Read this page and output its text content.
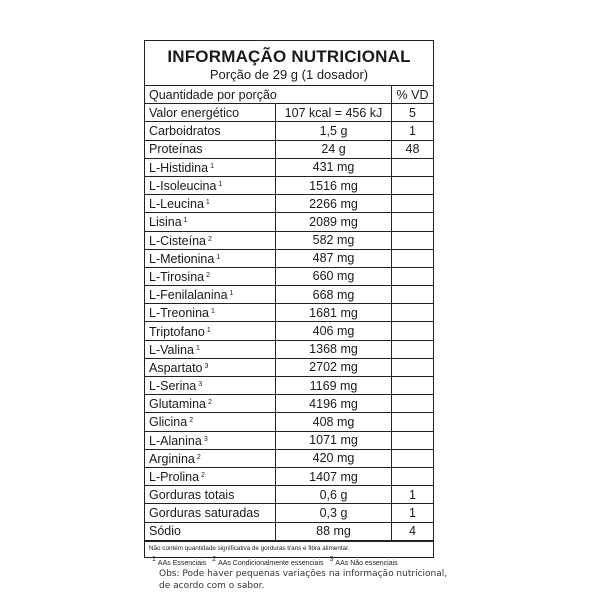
INFORMAÇÃO NUTRICIONAL
Porção de 29 g (1 dosador)
Quantidade por porção		% VD
Valor energético	107 kcal = 456 kJ	5
Carboidratos	1,5 g	1
Proteínas	24 g	48
L-Histidina $^1$	431 mg	
L-Isoleucina $^1$	1516 mg	
L-Leucina $^1$	2266 mg	
Lisina $^1$	2089 mg	
L-Cisteína $^2$	582 mg	
L-Metionina $^1$	487 mg	
L-Tirosina $^2$	660 mg	
L-Fenilalanina $^1$	668 mg	
L-Treonina $^1$	1681 mg	
Triptofano $^1$	406 mg	
L-Valina $^1$	1368 mg	
Aspartato $^3$	2702 mg	
L-Serina $^3$	1169 mg	
Glutamina $^2$	4196 mg	
Glicina $^2$	408 mg	
L-Alanina $^3$	1071 mg	
Arginina $^2$	420 mg	
L-Prolina $^2$	1407 mg	
Gorduras totais	0,6 g	1
Gorduras saturadas	0,3 g	1
Sódio	88 mg	4
Não contém quantidade significativa de gorduras trans e fibra alimentar.
$^1$AAs Essenciais$^2$AAs Condicionalmente essenciais$^3$AAs Não essenciais
Obs: Pode haver pequenas variações na informação nutricional,
de acordo com o sabor.
